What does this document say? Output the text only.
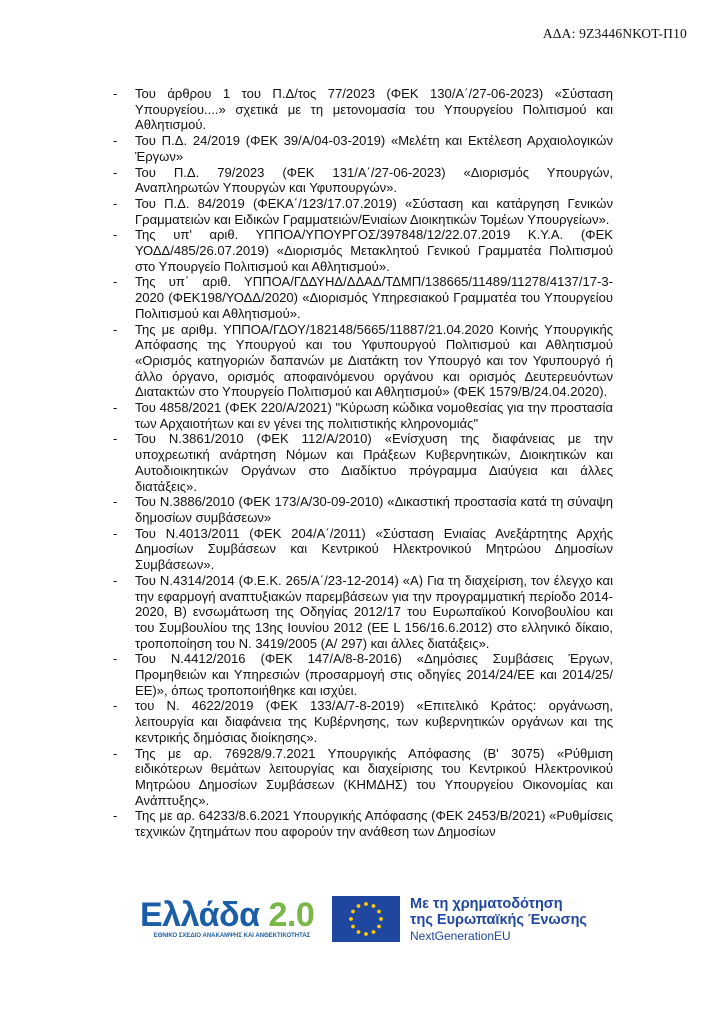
ΑΔΑ: 9Z3446ΝΚΟΤ-Π10
- Του άρθρου 1 του Π.Δ/τος 77/2023 (ΦΕΚ 130/Α΄/27-06-2023) «Σύσταση Υπουργείου....» σχετικά με τη μετονομασία του Υπουργείου Πολιτισμού και Αθλητισμού.
- Του Π.Δ. 24/2019 (ΦΕΚ 39/Α/04-03-2019) «Μελέτη και Εκτέλεση Αρχαιολογικών Έργων»
- Του Π.Δ. 79/2023 (ΦΕΚ 131/Α΄/27-06-2023) «Διορισμός Υπουργών, Αναπληρωτών Υπουργών και Υφυπουργών».
- Του Π.Δ. 84/2019 (ΦΕΚΑ΄/123/17.07.2019) «Σύσταση και κατάργηση Γενικών Γραμματειών και Ειδικών Γραμματειών/Ενιαίων Διοικητικών Τομέων Υπουργείων».
- Της υπ' αριθ. ΥΠΠΟΑ/ΥΠΟΥΡΓΟΣ/397848/12/22.07.2019 Κ.Υ.Α. (ΦΕΚ ΥΟΔΔ/485/26.07.2019) «Διορισμός Μετακλητού Γενικού Γραμματέα Πολιτισμού στο Υπουργείο Πολιτισμού και Αθλητισμού».
- Της υπ΄ αριθ. ΥΠΠΟΑ/ΓΔΔΥΗΔ/ΔΔΑΔ/ΤΔΜΠ/138665/11489/11278/4137/17-3-2020 (ΦΕΚ198/ΥΟΔΔ/2020) «Διορισμός Υπηρεσιακού Γραμματέα του Υπουργείου Πολιτισμού και Αθλητισμού».
- Της με αριθμ. ΥΠΠΟΑ/ΓΔΟΥ/182148/5665/11887/21.04.2020 Κοινής Υπουργικής Απόφασης της Υπουργού και του Υφυπουργού Πολιτισμού και Αθλητισμού «Ορισμός κατηγοριών δαπανών με Διατάκτη τον Υπουργό και τον Υφυπουργό ή άλλο όργανο, ορισμός αποφαινόμενου οργάνου και ορισμός Δευτερευόντων Διατακτών στο Υπουργείο Πολιτισμού και Αθλητισμού» (ΦΕΚ 1579/Β/24.04.2020).
- Του 4858/2021 (ΦΕΚ 220/Α/2021) "Κύρωση κώδικα νομοθεσίας για την προστασία των Αρχαιοτήτων και εν γένει της πολιτιστικής κληρονομιάς"
- Του Ν.3861/2010 (ΦΕΚ 112/Α/2010) «Ενίσχυση της διαφάνειας με την υποχρεωτική ανάρτηση Νόμων και Πράξεων Κυβερνητικών, Διοικητικών και Αυτοδιοικητικών Οργάνων στο Διαδίκτυο πρόγραμμα Διαύγεια και άλλες διατάξεις».
- Του Ν.3886/2010 (ΦΕΚ 173/Α/30-09-2010) «Δικαστική προστασία κατά τη σύναψη δημοσίων συμβάσεων»
- Του Ν.4013/2011 (ΦΕΚ 204/Α΄/2011) «Σύσταση Ενιαίας Ανεξάρτητης Αρχής Δημοσίων Συμβάσεων και Κεντρικού Ηλεκτρονικού Μητρώου Δημοσίων Συμβάσεων».
- Του Ν.4314/2014 (Φ.Ε.Κ. 265/Α΄/23-12-2014) «Α) Για τη διαχείριση, τον έλεγχο και την εφαρμογή αναπτυξιακών παρεμβάσεων για την προγραμματική περίοδο 2014-2020, Β) ενσωμάτωση της Οδηγίας 2012/17 του Ευρωπαϊκού Κοινοβουλίου και του Συμβουλίου της 13ης Ιουνίου 2012 (EE L 156/16.6.2012) στο ελληνικό δίκαιο, τροποποίηση του Ν. 3419/2005 (Α/ 297) και άλλες διατάξεις».
- Του Ν.4412/2016 (ΦΕΚ 147/Α/8-8-2016) «Δημόσιες Συμβάσεις Έργων, Προμηθειών και Υπηρεσιών (προσαρμογή στις οδηγίες 2014/24/ΕΕ και 2014/25/ΕΕ)», όπως τροποποιήθηκε και ισχύει.
- του Ν. 4622/2019 (ΦΕΚ 133/Α/7-8-2019) «Επιτελικό Κράτος: οργάνωση, λειτουργία και διαφάνεια της Κυβέρνησης, των κυβερνητικών οργάνων και της κεντρικής δημόσιας διοίκησης».
- Της με αρ. 76928/9.7.2021 Υπουργικής Απόφασης (Β' 3075) «Ρύθμιση ειδικότερων θεμάτων λειτουργίας και διαχείρισης του Κεντρικού Ηλεκτρονικού Μητρώου Δημοσίων Συμβάσεων (ΚΗΜΔΗΣ) του Υπουργείου Οικονομίας και Ανάπτυξης».
- Της με αρ. 64233/8.6.2021 Υπουργικής Απόφασης (ΦΕΚ 2453/Β/2021) «Ρυθμίσεις τεχνικών ζητημάτων που αφορούν την ανάθεση των Δημοσίων
Ελλάδα 2.0
ΕΘΝΙΚΟ ΣΧΕΔΙΟ ΑΝΑΚΑΜΨΗΣ ΚΑΙ ΑΝΘΕΚΤΙΚΟΤΗΤΑΣ
Με τη χρηματοδότηση
της Ευρωπαϊκής Ένωσης
NextGenerationEU
